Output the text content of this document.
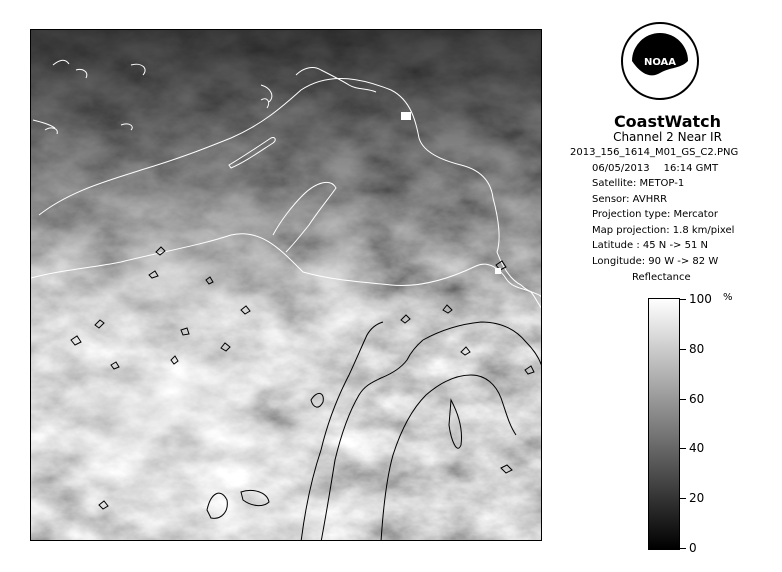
NOAA
CoastWatch
Channel 2 Near IR
2013_156_1614_M01_GS_C2.PNG
06/05/2013 16:14 GMT
Satellite: METOP-1
Sensor: AVHRR
Projection type: Mercator
Map projection: 1.8 km/pixel
Latitude : 45 N -> 51 N
Longitude: 90 W -> 82 W
Reflectance
%
100
80
60
40
20
0
